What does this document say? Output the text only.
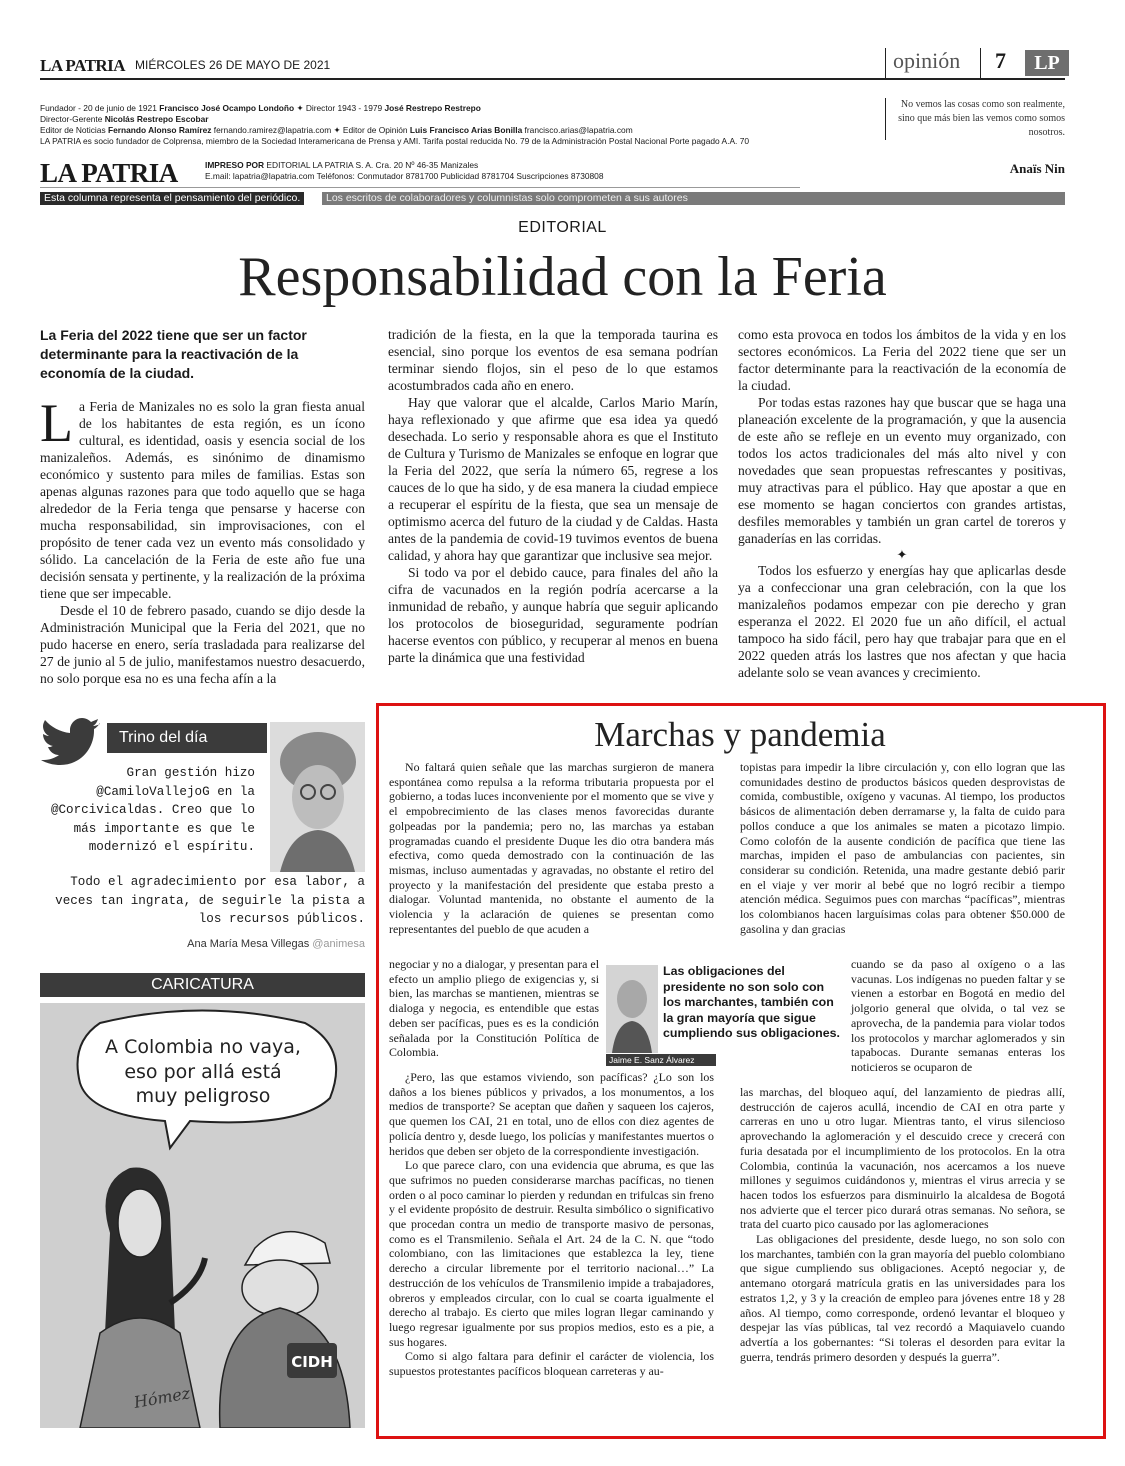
LA PATRIA MIÉRCOLES 26 DE MAYO DE 2021	opinión 7	LP
Fundador - 20 de junio de 1921 Francisco José Ocampo Londoño ✦ Director 1943 - 1979 José Restrepo Restrepo
Director-Gerente Nicolás Restrepo Escobar
Editor de Noticias Fernando Alonso Ramírez fernando.ramirez@lapatria.com ✦ Editor de Opinión Luis Francisco Arias Bonilla francisco.arias@lapatria.com
LA PATRIA es socio fundador de Colprensa, miembro de la Sociedad Interamericana de Prensa y AMI. Tarifa postal reducida No. 79 de la Administración Postal Nacional Porte pagado A.A. 70
LA PATRIA	IMPRESO POR EDITORIAL LA PATRIA S. A. Cra. 20 Nº 46-35 Manizales
E.mail: lapatria@lapatria.com Teléfonos: Conmutador 8781700 Publicidad 8781704 Suscripciones 8730808
No vemos las cosas como son realmente, sino que más bien las vemos como somos nosotros.
Anaïs Nin
Esta columna representa el pensamiento del periódico.	Los escritos de colaboradores y columnistas solo comprometen a sus autores
EDITORIAL
Responsabilidad con la Feria
La Feria del 2022 tiene que ser un factor determinante para la reactivación de la economía de la ciudad.

La Feria de Manizales no es solo la gran fiesta anual de los habitantes de esta región, es un ícono cultural, es identidad, oasis y esencia social de los manizaleños. Además, es sinónimo de dinamismo económico y sustento para miles de familias. Estas son apenas algunas razones para que todo aquello que se haga alrededor de la Feria tenga que pensarse y hacerse con mucha responsabilidad, sin improvisaciones, con el propósito de tener cada vez un evento más consolidado y sólido. La cancelación de la Feria de este año fue una decisión sensata y pertinente, y la realización de la próxima tiene que ser impecable.

Desde el 10 de febrero pasado, cuando se dijo desde la Administración Municipal que la Feria del 2021, que no pudo hacerse en enero, sería trasladada para realizarse del 27 de junio al 5 de julio, manifestamos nuestro desacuerdo, no solo porque esa no es una fecha afín a la

tradición de la fiesta, en la que la temporada taurina es esencial, sino porque los eventos de esa semana podrían terminar siendo flojos, sin el peso de lo que estamos acostumbrados cada año en enero.

Hay que valorar que el alcalde, Carlos Mario Marín, haya reflexionado y que afirme que esa idea ya quedó desechada. Lo serio y responsable ahora es que el Instituto de Cultura y Turismo de Manizales se enfoque en lograr que la Feria del 2022, que sería la número 65, regrese a los cauces de lo que ha sido, y de esa manera la ciudad empiece a recuperar el espíritu de la fiesta, que sea un mensaje de optimismo acerca del futuro de la ciudad y de Caldas. Hasta antes de la pandemia de covid-19 tuvimos eventos de buena calidad, y ahora hay que garantizar que inclusive sea mejor.

Si todo va por el debido cauce, para finales del año la cifra de vacunados en la región podría acercarse a la inmunidad de rebaño, y aunque habría que seguir aplicando los protocolos de bioseguridad, seguramente podrían hacerse eventos con público, y recuperar al menos en buena parte la dinámica que una festividad

como esta provoca en todos los ámbitos de la vida y en los sectores económicos. La Feria del 2022 tiene que ser un factor determinante para la reactivación de la economía de la ciudad.

Por todas estas razones hay que buscar que se haga una planeación excelente de la programación, y que la ausencia de este año se refleje en un evento muy organizado, con todos los actos tradicionales del más alto nivel y con novedades que sean propuestas refrescantes y positivas, muy atractivas para el público. Hay que apostar a que en ese momento se hagan conciertos con grandes artistas, desfiles memorables y también un gran cartel de toreros y ganaderías en las corridas.

✦

Todos los esfuerzo y energías hay que aplicarlas desde ya a confeccionar una gran celebración, con la que los manizaleños podamos empezar con pie derecho y gran esperanza el 2022. El 2020 fue un año difícil, el actual tampoco ha sido fácil, pero hay que trabajar para que en el 2022 queden atrás los lastres que nos afectan y que hacia adelante solo se vean avances y crecimiento.

Trino del día
Gran gestión hizo @CamiloVallejoG en la @Corcivicaldas. Creo que lo más importante es que le modernizó el espíritu.
Todo el agradecimiento por esa labor, a veces tan ingrata, de seguirle la pista a los recursos públicos.
Ana María Mesa Villegas @animesa
CARICATURA
A Colombia no vaya,
eso por allá está
muy peligroso
CIDH
Hómez
Marchas y pandemia

No faltará quien señale que las marchas surgieron de manera espontánea como repulsa a la reforma tributaria propuesta por el gobierno, a todas luces inconveniente por el momento que se vive y el empobrecimiento de las clases menos favorecidas durante golpeadas por la pandemia; pero no, las marchas ya estaban programadas cuando el presidente Duque les dio otra bandera más efectiva, como queda demostrado con la continuación de las mismas, incluso aumentadas y agravadas, no obstante el retiro del proyecto y la manifestación del presidente que estaba presto a dialogar. Voluntad mantenida, no obstante el aumento de la violencia y la aclaración de quienes se presentan como representantes del pueblo de que acuden a

negociar y no a dialogar, y presentan para el efecto un amplio pliego de exigencias y, si bien, las marchas se mantienen, mientras se dialoga y negocia, es entendible que estas deben ser pacíficas, pues es es la condición señalada por la Constitución Política de Colombia.

¿Pero, las que estamos viviendo, son pacíficas? ¿Lo son los daños a los bienes públicos y privados, a los monumentos, a los medios de transporte? Se aceptan que dañen y saqueen los cajeros, que quemen los CAI, 21 en total, uno de ellos con diez agentes de policía dentro y, desde luego, los policías y manifestantes muertos o heridos que deben ser objeto de la correspondiente investigación.

Lo que parece claro, con una evidencia que abruma, es que las que sufrimos no pueden considerarse marchas pacíficas, no tienen orden o al poco caminar lo pierden y redundan en trifulcas sin freno y el evidente propósito de destruir. Resulta simbólico o significativo que procedan contra un medio de transporte masivo de personas, como es el Transmilenio. Señala el Art. 24 de la C. N. que “todo colombiano, con las limitaciones que establezca la ley, tiene derecho a circular libremente por el territorio nacional…” La destrucción de los vehículos de Transmilenio impide a trabajadores, obreros y empleados circular, con lo cual se coarta igualmente el derecho al trabajo. Es cierto que miles logran llegar caminando y luego regresar igualmente por sus propios medios, esto es a pie, a sus hogares.

Como si algo faltara para definir el carácter de violencia, los supuestos protestantes pacíficos bloquean carreteras y au-

topistas para impedir la libre circulación y, con ello logran que las comunidades destino de productos básicos queden desprovistas de comida, combustible, oxígeno y vacunas. Al tiempo, los productos básicos de alimentación deben derramarse y, la falta de cuido para pollos conduce a que los animales se maten a picotazo limpio. Como colofón de la ausente condición de pacífica que tiene las marchas, impiden el paso de ambulancias con pacientes, sin considerar su condición. Retenida, una madre gestante debió parir en el viaje y ver morir al bebé que no logró recibir a tiempo atención médica. Seguimos pues con marchas “pacíficas”, mientras los colombianos hacen larguísimas colas para obtener $50.000 de gasolina y dan gracias

cuando se da paso al oxígeno o a las vacunas. Los indígenas no pueden faltar y se vienen a estorbar en Bogotá en medio del jolgorio general que olvida, o tal vez se aprovecha, de la pandemia para violar todos los protocolos y marchar aglomerados y sin tapabocas. Durante semanas enteras los noticieros se ocuparon de

las marchas, del bloqueo aquí, del lanzamiento de piedras allí, destrucción de cajeros acullá, incendio de CAI en otra parte y carreras en uno u otro lugar. Mientras tanto, el virus silencioso aprovechando la aglomeración y el descuido crece y crecerá con furia desatada por el incumplimiento de los protocolos. En la otra Colombia, continúa la vacunación, nos acercamos a los nueve millones y seguimos cuidándonos y, mientras el virus arrecia y se hacen todos los esfuerzos para disminuirlo la alcaldesa de Bogotá nos advierte que el tercer pico durará otras semanas. No señora, se trata del cuarto pico causado por las aglomeraciones

Las obligaciones del presidente, desde luego, no son solo con los marchantes, también con la gran mayoría del pueblo colombiano que sigue cumpliendo sus obligaciones. Aceptó negociar y, de antemano otorgará matrícula gratis en las universidades para los estratos 1,2, y 3 y la creación de empleo para jóvenes entre 18 y 28 años. Al tiempo, como corresponde, ordenó levantar el bloqueo y despejar las vías públicas, tal vez recordó a Maquiavelo cuando advertía a los gobernantes: “Si toleras el desorden para evitar la guerra, tendrás primero desorden y después la guerra”.

Las obligaciones del presidente no son solo con los marchantes, también con la gran mayoría que sigue cumpliendo sus obligaciones.
Jaime E. Sanz Álvarez
